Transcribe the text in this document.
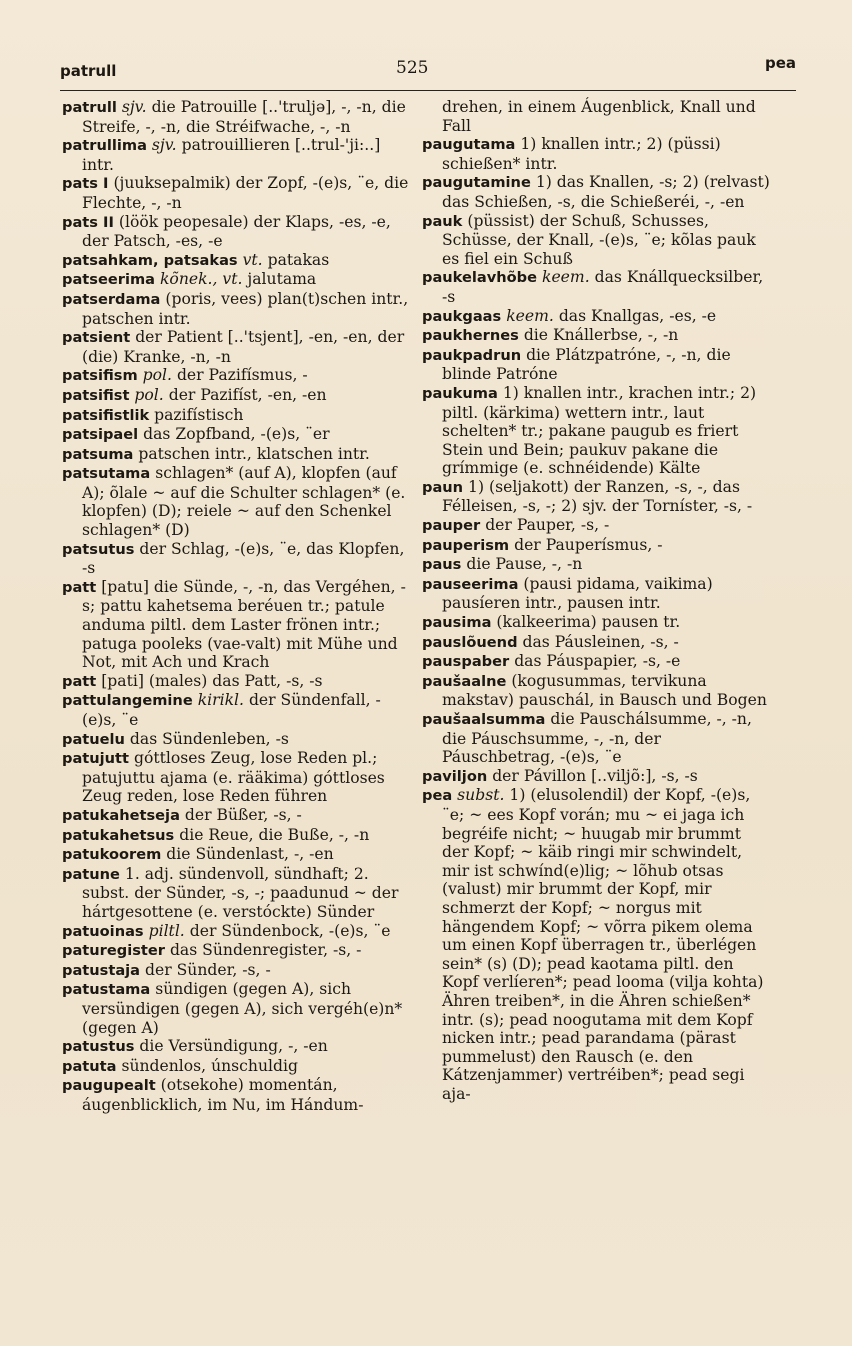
patrull	525	pea

patrull sjv. die Patrouille [..'truljə], -, -n, die Streife, -, -n, die Stréifwache, -, -n

patrullima sjv. patrouillieren [..trul-'ji:..] intr.

pats I (juuksepalmik) der Zopf, -(e)s, ¨e, die Flechte, -, -n

pats II (löök peopesale) der Klaps, -es, -e, der Patsch, -es, -e

patsahkam, patsakas vt. patakas

patseerima kõnek., vt. jalutama

patserdama (poris, vees) plan(t)schen intr., patschen intr.

patsient der Patient [..'tsjent], -en, -en, der (die) Kranke, -n, -n

patsifism pol. der Pazifísmus, -

patsifist pol. der Pazifíst, -en, -en

patsifistlik pazifístisch

patsipael das Zopfband, -(e)s, ¨er

patsuma patschen intr., klatschen intr.

patsutama schlagen* (auf A), klopfen (auf A); õlale ~ auf die Schulter schlagen* (e. klopfen) (D); reiele ~ auf den Schenkel schlagen* (D)

patsutus der Schlag, -(e)s, ¨e, das Klopfen, -s

patt [patu] die Sünde, -, -n, das Vergéhen, -s; pattu kahetsema beréuen tr.; patule anduma piltl. dem Laster frönen intr.; patuga pooleks (vae-valt) mit Mühe und Not, mit Ach und Krach

patt [pati] (males) das Patt, -s, -s

pattulangemine kirikl. der Sündenfall, -(e)s, ¨e

patuelu das Sündenleben, -s

patujutt góttloses Zeug, lose Reden pl.; patujuttu ajama (e. rääkima) góttloses Zeug reden, lose Reden führen

patukahetseja der Büßer, -s, -

patukahetsus die Reue, die Buße, -, -n

patukoorem die Sündenlast, -, -en

patune 1. adj. sündenvoll, sündhaft; 2. subst. der Sünder, -s, -; paadunud ~ der hártgesottene (e. verstóckte) Sünder

patuoinas piltl. der Sündenbock, -(e)s, ¨e

paturegister das Sündenregister, -s, -

patustaja der Sünder, -s, -

patustama sündigen (gegen A), sich versündigen (gegen A), sich vergéh(e)n* (gegen A)

patustus die Versündigung, -, -en

patuta sündenlos, únschuldig

paugupealt (otsekohe) momentán, áugenblicklich, im Nu, im Hándum-

drehen, in einem Áugenblick, Knall und Fall

paugutama 1) knallen intr.; 2) (püssi) schießen* intr.

paugutamine 1) das Knallen, -s; 2) (relvast) das Schießen, -s, die Schießeréi, -, -en

pauk (püssist) der Schuß, Schusses, Schüsse, der Knall, -(e)s, ¨e; kõlas pauk es fiel ein Schuß

paukelavhõbe keem. das Knállquecksilber, -s

paukgaas keem. das Knallgas, -es, -e

paukhernes die Knállerbse, -, -n

paukpadrun die Plátzpatróne, -, -n, die blinde Patróne

paukuma 1) knallen intr., krachen intr.; 2) piltl. (kärkima) wettern intr., laut schelten* tr.; pakane paugub es friert Stein und Bein; paukuv pakane die grímmige (e. schnéidende) Kälte

paun 1) (seljakott) der Ranzen, -s, -, das Félleisen, -s, -; 2) sjv. der Torníster, -s, -

pauper der Pauper, -s, -

pauperism der Pauperísmus, -

paus die Pause, -, -n

pauseerima (pausi pidama, vaikima) pausíeren intr., pausen intr.

pausima (kalkeerima) pausen tr.

pauslõuend das Páusleinen, -s, -

pauspaber das Páuspapier, -s, -e

paušaalne (kogusummas, tervikuna makstav) pauschál, in Bausch und Bogen

paušaalsumma die Pauschálsumme, -, -n, die Páuschsumme, -, -n, der Páuschbetrag, -(e)s, ¨e

paviljon der Pávillon [..viljõ:], -s, -s

pea subst. 1) (elusolendil) der Kopf, -(e)s, ¨e; ~ ees Kopf vorán; mu ~ ei jaga ich begréife nicht; ~ huugab mir brummt der Kopf; ~ käib ringi mir schwindelt, mir ist schwínd(e)lig; ~ lõhub otsas (valust) mir brummt der Kopf, mir schmerzt der Kopf; ~ norgus mit hängendem Kopf; ~ võrra pikem olema um einen Kopf überragen tr., überlégen sein* (s) (D); pead kaotama piltl. den Kopf verlíeren*; pead looma (vilja kohta) Ähren treiben*, in die Ähren schießen* intr. (s); pead noogutama mit dem Kopf nicken intr.; pead parandama (pärast pummelust) den Rausch (e. den Kátzenjammer) vertréiben*; pead segi aja-
